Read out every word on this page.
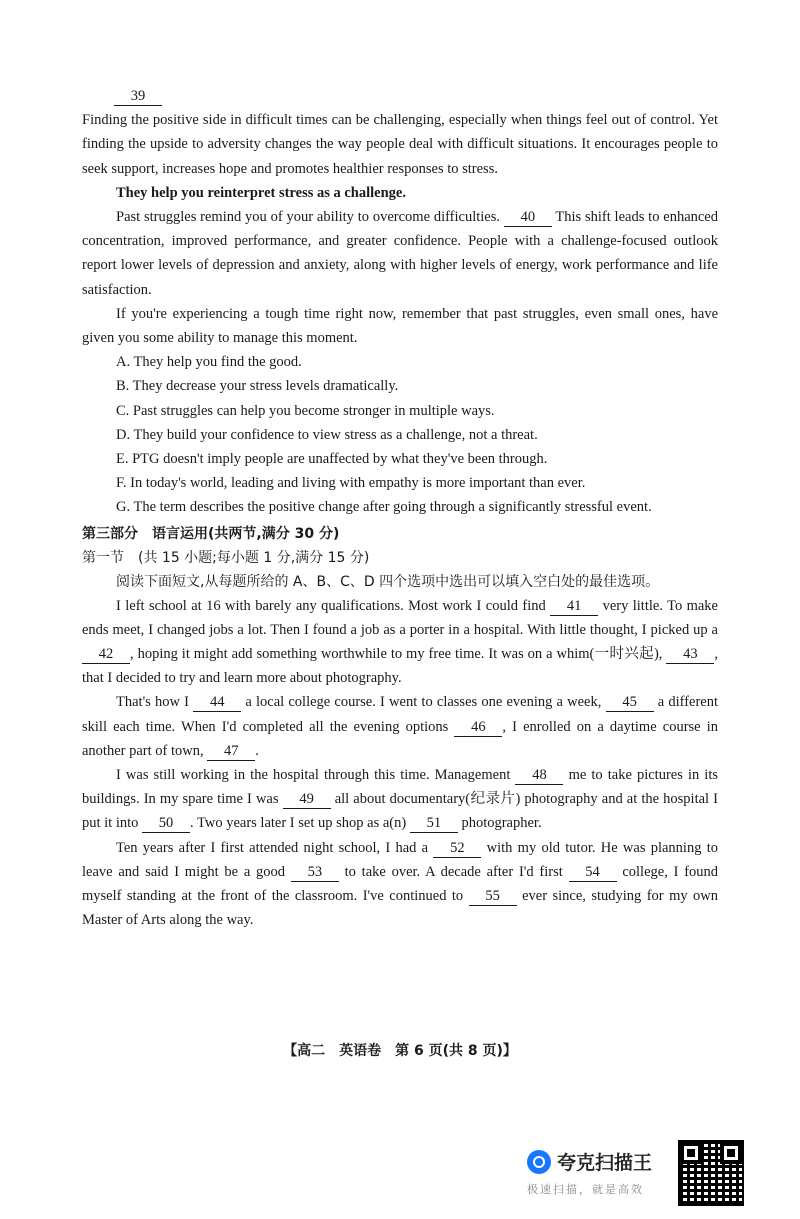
39

Finding the positive side in difficult times can be challenging, especially when things feel out of control. Yet finding the upside to adversity changes the way people deal with difficult situations. It encourages people to seek support, increases hope and promotes healthier responses to stress.

They help you reinterpret stress as a challenge.

Past struggles remind you of your ability to overcome difficulties. 40 This shift leads to enhanced concentration, improved performance, and greater confidence. People with a challenge-focused outlook report lower levels of depression and anxiety, along with higher levels of energy, work performance and life satisfaction.

If you're experiencing a tough time right now, remember that past struggles, even small ones, have given you some ability to manage this moment.

A. They help you find the good.

B. They decrease your stress levels dramatically.

C. Past struggles can help you become stronger in multiple ways.

D. They build your confidence to view stress as a challenge, not a threat.

E. PTG doesn't imply people are unaffected by what they've been through.

F. In today's world, leading and living with empathy is more important than ever.

G. The term describes the positive change after going through a significantly stressful event.

第三部分　语言运用(共两节,满分 30 分)
第一节　(共 15 小题;每小题 1 分,满分 15 分)

阅读下面短文,从每题所给的 A、B、C、D 四个选项中选出可以填入空白处的最佳选项。

I left school at 16 with barely any qualifications. Most work I could find 41 very little. To make ends meet, I changed jobs a lot. Then I found a job as a porter in a hospital. With little thought, I picked up a 42 , hoping it might add something worthwhile to my free time. It was on a whim(一时兴起), 43 , that I decided to try and learn more about photography.

That's how I 44 a local college course. I went to classes one evening a week, 45 a different skill each time. When I'd completed all the evening options 46 , I enrolled on a daytime course in another part of town, 47 .

I was still working in the hospital through this time. Management 48 me to take pictures in its buildings. In my spare time I was 49 all about documentary(纪录片) photography and at the hospital I put it into 50 . Two years later I set up shop as a(n) 51 photographer.

Ten years after I first attended night school, I had a 52 with my old tutor. He was planning to leave and said I might be a good 53 to take over. A decade after I'd first 54 college, I found myself standing at the front of the classroom. I've continued to 55 ever since, studying for my own Master of Arts along the way.

【高二　英语卷　第 6 页(共 8 页)】
夸克扫描王
极速扫描，就是高效
